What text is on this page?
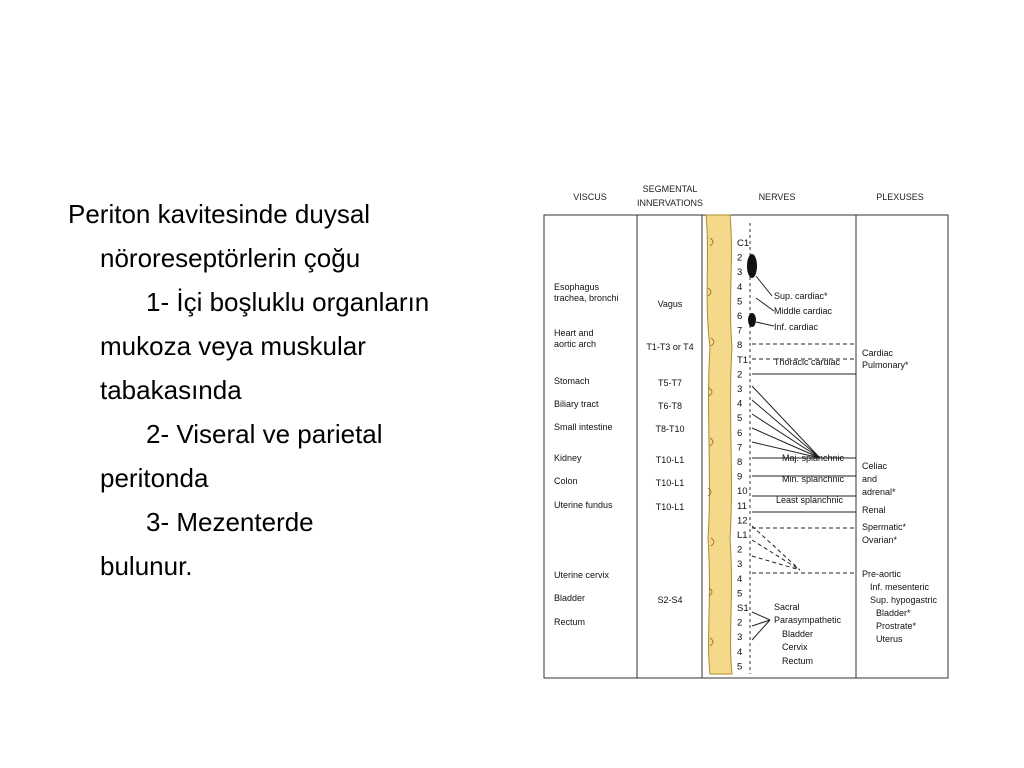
Periton kavitesinde duysal

nöroreseptörlerin çoğu

1- İçi boşluklu organların

mukoza veya muskular

tabakasında

2- Viseral ve parietal

peritonda

3- Mezenterde

bulunur.

VISCUS
SEGMENTAL
INNERVATIONS
NERVES	PLEXUSES
Esophagus
trachea, bronchi
Heart and
aortic arch
Stomach
Biliary tract
Small intestine
Kidney
Colon
Uterine fundus
Uterine cervix
Bladder
Rectum
Vagus
T1-T3 or T4
T5-T7
T6-T8
T8-T10
T10-L1
T10-L1
T10-L1
S2-S4
C1
2
3
4
5
6
7
8
T1
2
3
4
5
6
7
8
9
10
11
12
L1
2
3
4
5
S1
2
3
4
5
Sup. cardiac*
Middle cardiac
Inf. cardiac
Thoracic cardiac
Maj. splanchnic
Min. splanchnic
Least splanchnic
Sacral
Parasympathetic
Bladder
Cervix
Rectum
Cardiac
Pulmonary*
Celiac
and
adrenal*
Renal
Spermatic*
Ovarian*
Pre-aortic
Inf. mesenteric
Sup. hypogastric
Bladder*
Prostrate*
Uterus
